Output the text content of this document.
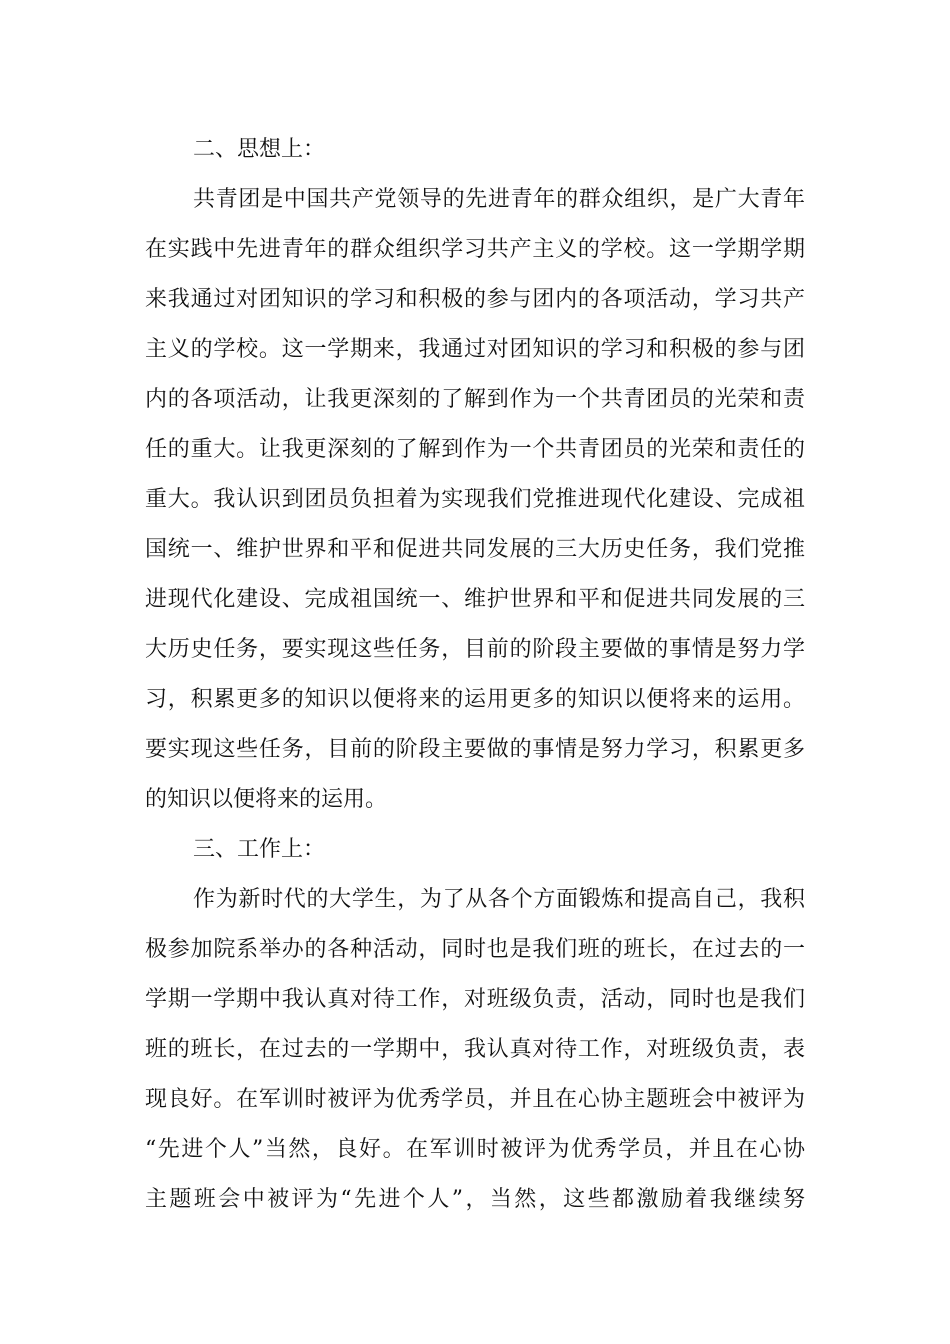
二、思想上：
共青团是中国共产党领导的先进青年的群众组织，是广大青年
在实践中先进青年的群众组织学习共产主义的学校。这一学期学期
来我通过对团知识的学习和积极的参与团内的各项活动，学习共产
主义的学校。这一学期来，我通过对团知识的学习和积极的参与团
内的各项活动，让我更深刻的了解到作为一个共青团员的光荣和责
任的重大。让我更深刻的了解到作为一个共青团员的光荣和责任的
重大。我认识到团员负担着为实现我们党推进现代化建设、完成祖
国统一、维护世界和平和促进共同发展的三大历史任务，我们党推
进现代化建设、完成祖国统一、维护世界和平和促进共同发展的三
大历史任务，要实现这些任务，目前的阶段主要做的事情是努力学
习，积累更多的知识以便将来的运用更多的知识以便将来的运用。
要实现这些任务，目前的阶段主要做的事情是努力学习，积累更多
的知识以便将来的运用。
三、工作上：
作为新时代的大学生，为了从各个方面锻炼和提高自己，我积
极参加院系举办的各种活动，同时也是我们班的班长，在过去的一
学期一学期中我认真对待工作，对班级负责，活动，同时也是我们
班的班长，在过去的一学期中，我认真对待工作，对班级负责，表
现良好。在军训时被评为优秀学员，并且在心协主题班会中被评为
“先进个人”当然，良好。在军训时被评为优秀学员，并且在心协
主题班会中被评为“先进个人”，当然，这些都激励着我继续努
